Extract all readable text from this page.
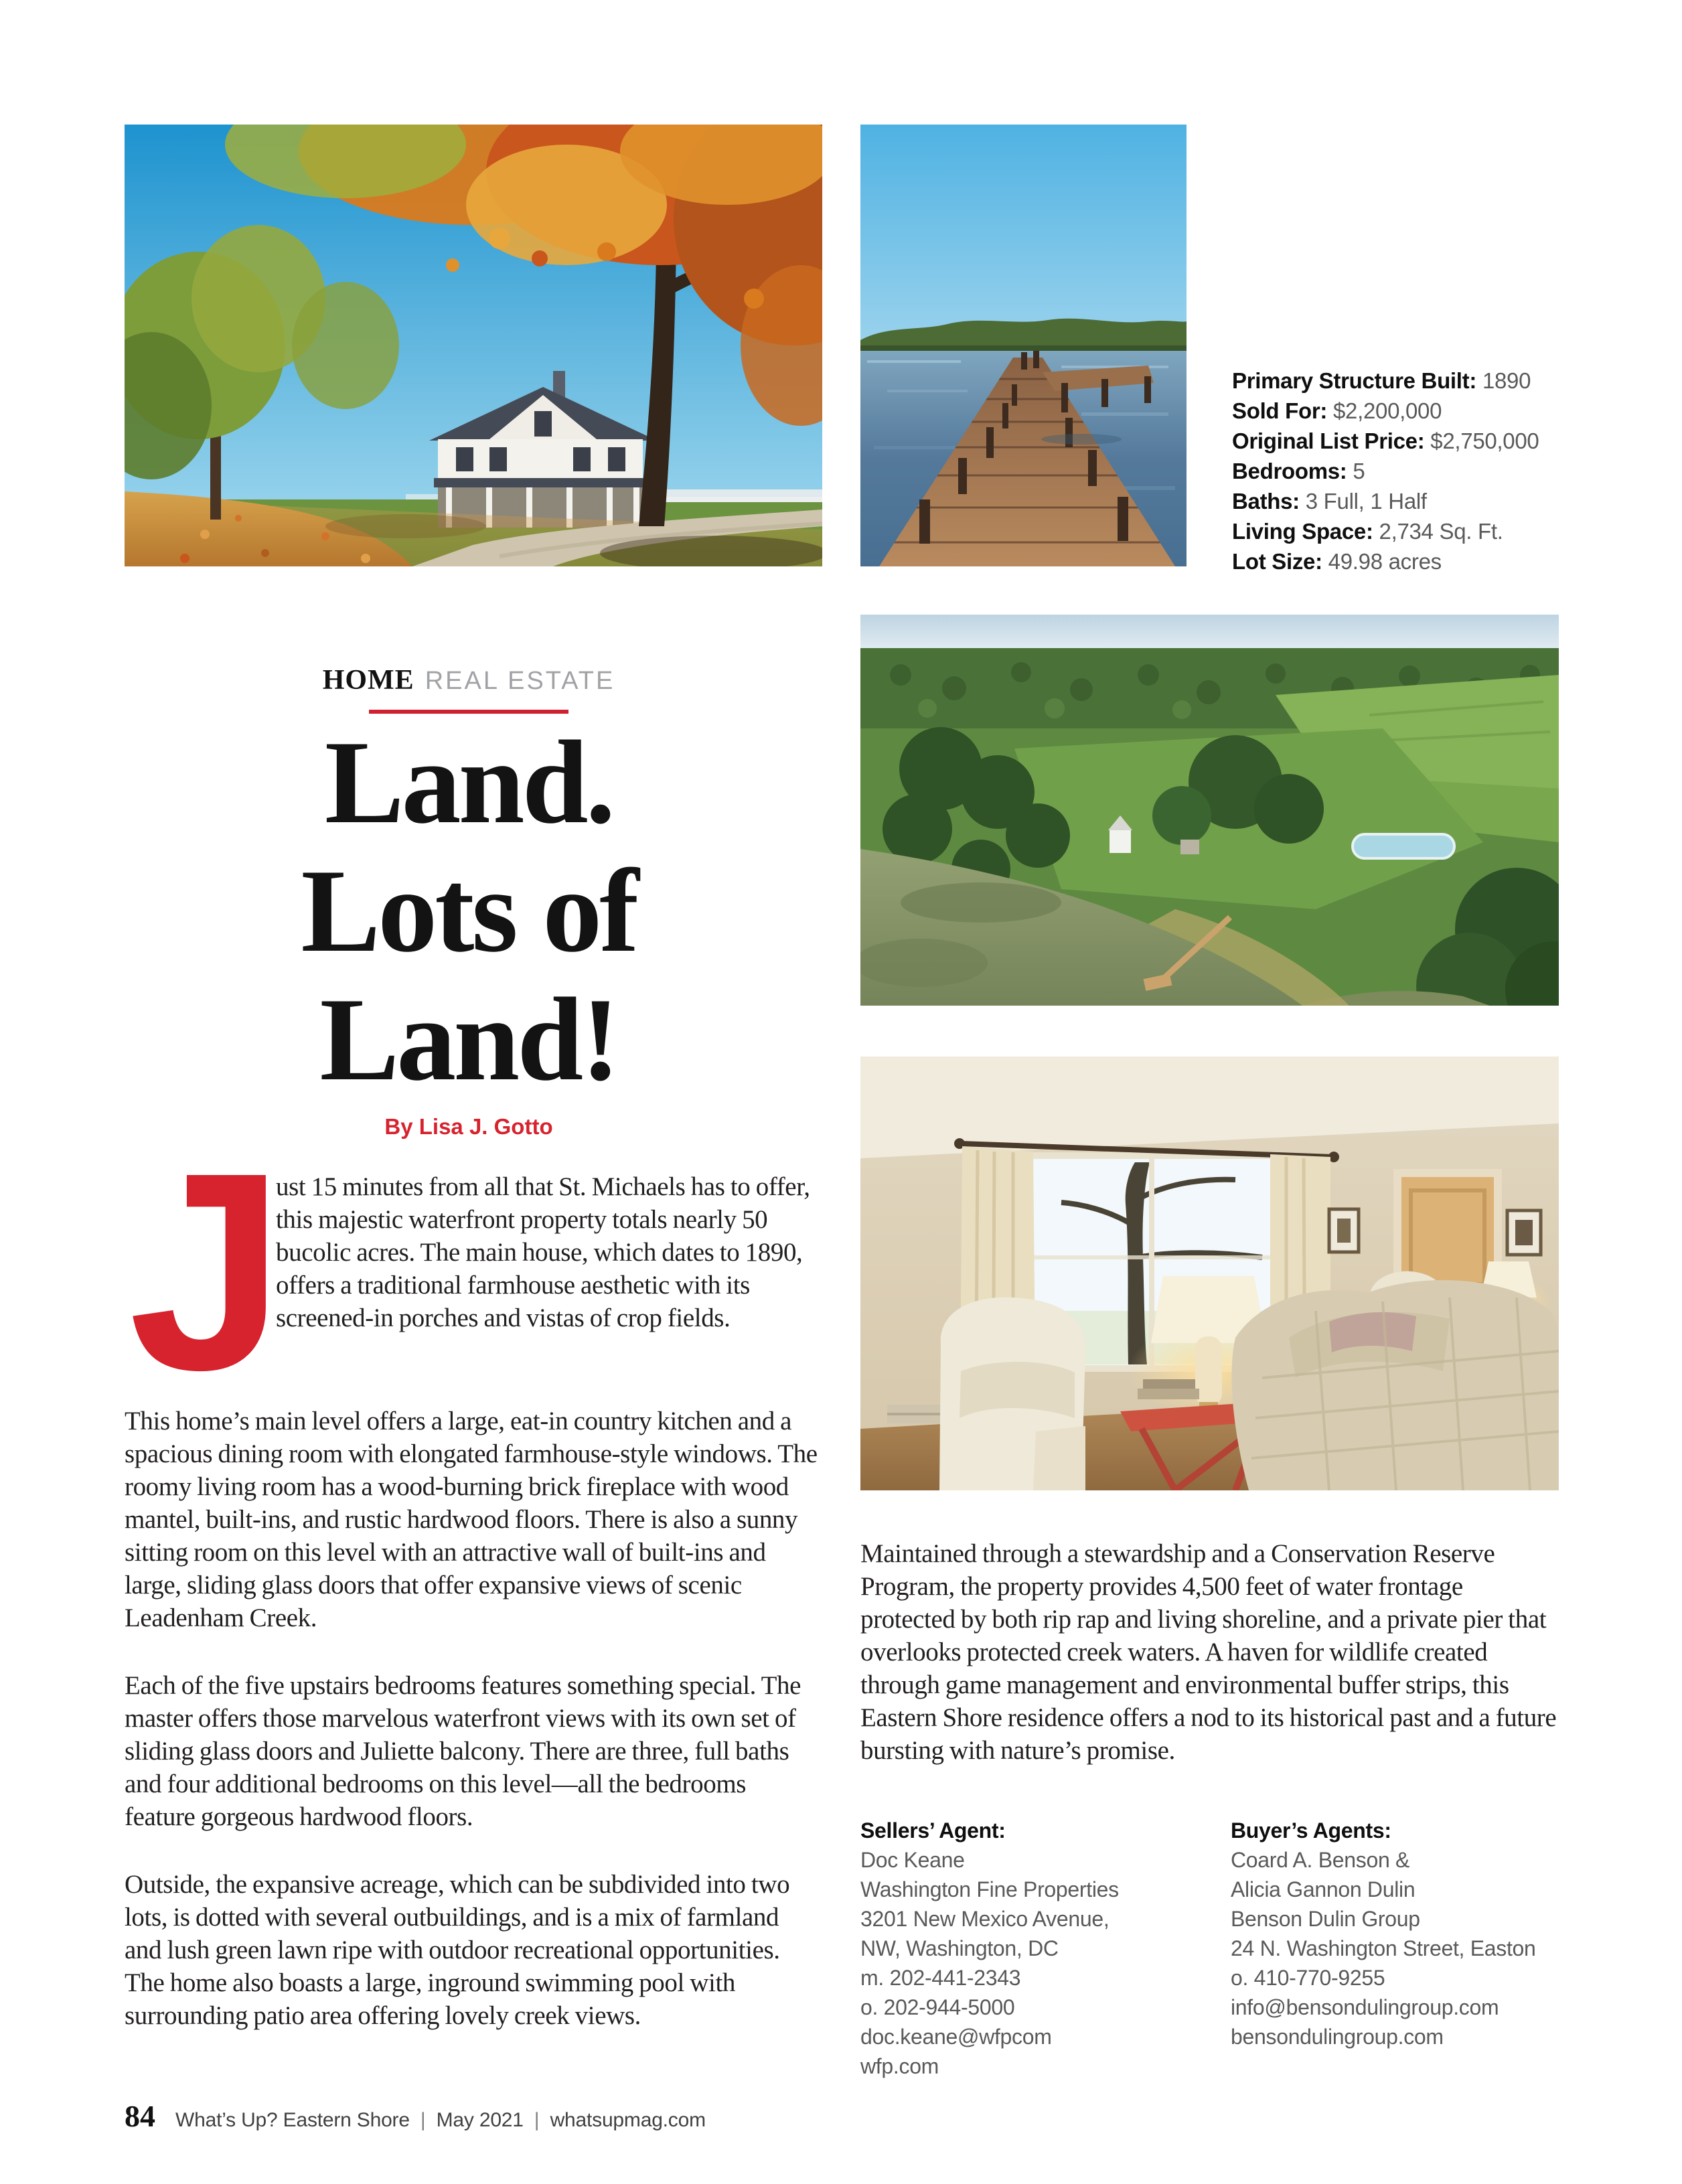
Primary Structure Built: 1890
Sold For: $2,200,000
Original List Price: $2,750,000
Bedrooms: 5
Baths: 3 Full, 1 Half
Living Space: 2,734 Sq. Ft.
Lot Size: 49.98 acres
HOME REAL ESTATE
Land.
Lots of
Land!
By Lisa J. Gotto
J
ust 15 minutes from all that St. Michaels has to offer, this majestic waterfront property totals nearly 50 bucolic acres. The main house, which dates to 1890, offers a traditional farmhouse aesthetic with its screened-in porches and vistas of crop fields.

This home’s main level offers a large, eat-in country kitchen and a spacious dining room with elongated farmhouse-style windows. The roomy living room has a wood-burning brick fireplace with wood mantel, built-ins, and rustic hardwood floors. There is also a sunny sitting room on this level with an attractive wall of built-ins and large, sliding glass doors that offer expansive views of scenic Leadenham Creek.

Each of the five upstairs bedrooms features something special. The master offers those marvelous waterfront views with its own set of sliding glass doors and Juliette balcony. There are three, full baths and four additional bedrooms on this level—all the bedrooms feature gorgeous hardwood floors.

Outside, the expansive acreage, which can be subdivided into two lots, is dotted with several outbuildings, and is a mix of farmland and lush green lawn ripe with outdoor recreational opportunities. The home also boasts a large, inground swimming pool with surrounding patio area offering lovely creek views.

Maintained through a stewardship and a Conservation Reserve Program, the property provides 4,500 feet of water frontage protected by both rip rap and living shoreline, and a private pier that overlooks protected creek waters. A haven for wildlife created through game management and environmental buffer strips, this Eastern Shore residence offers a nod to its historical past and a future bursting with nature’s promise.
Sellers’ Agent:
Doc Keane
Washington Fine Properties
3201 New Mexico Avenue,
NW, Washington, DC
m. 202-441-2343
o. 202-944-5000
doc.keane@wfpcom
wfp.com
Buyer’s Agents:
Coard A. Benson &
Alicia Gannon Dulin
Benson Dulin Group
24 N. Washington Street, Easton
o. 410-770-9255
info@bensondulingroup.com
bensondulingroup.com
84 What’s Up? Eastern Shore | May 2021 | whatsupmag.com
